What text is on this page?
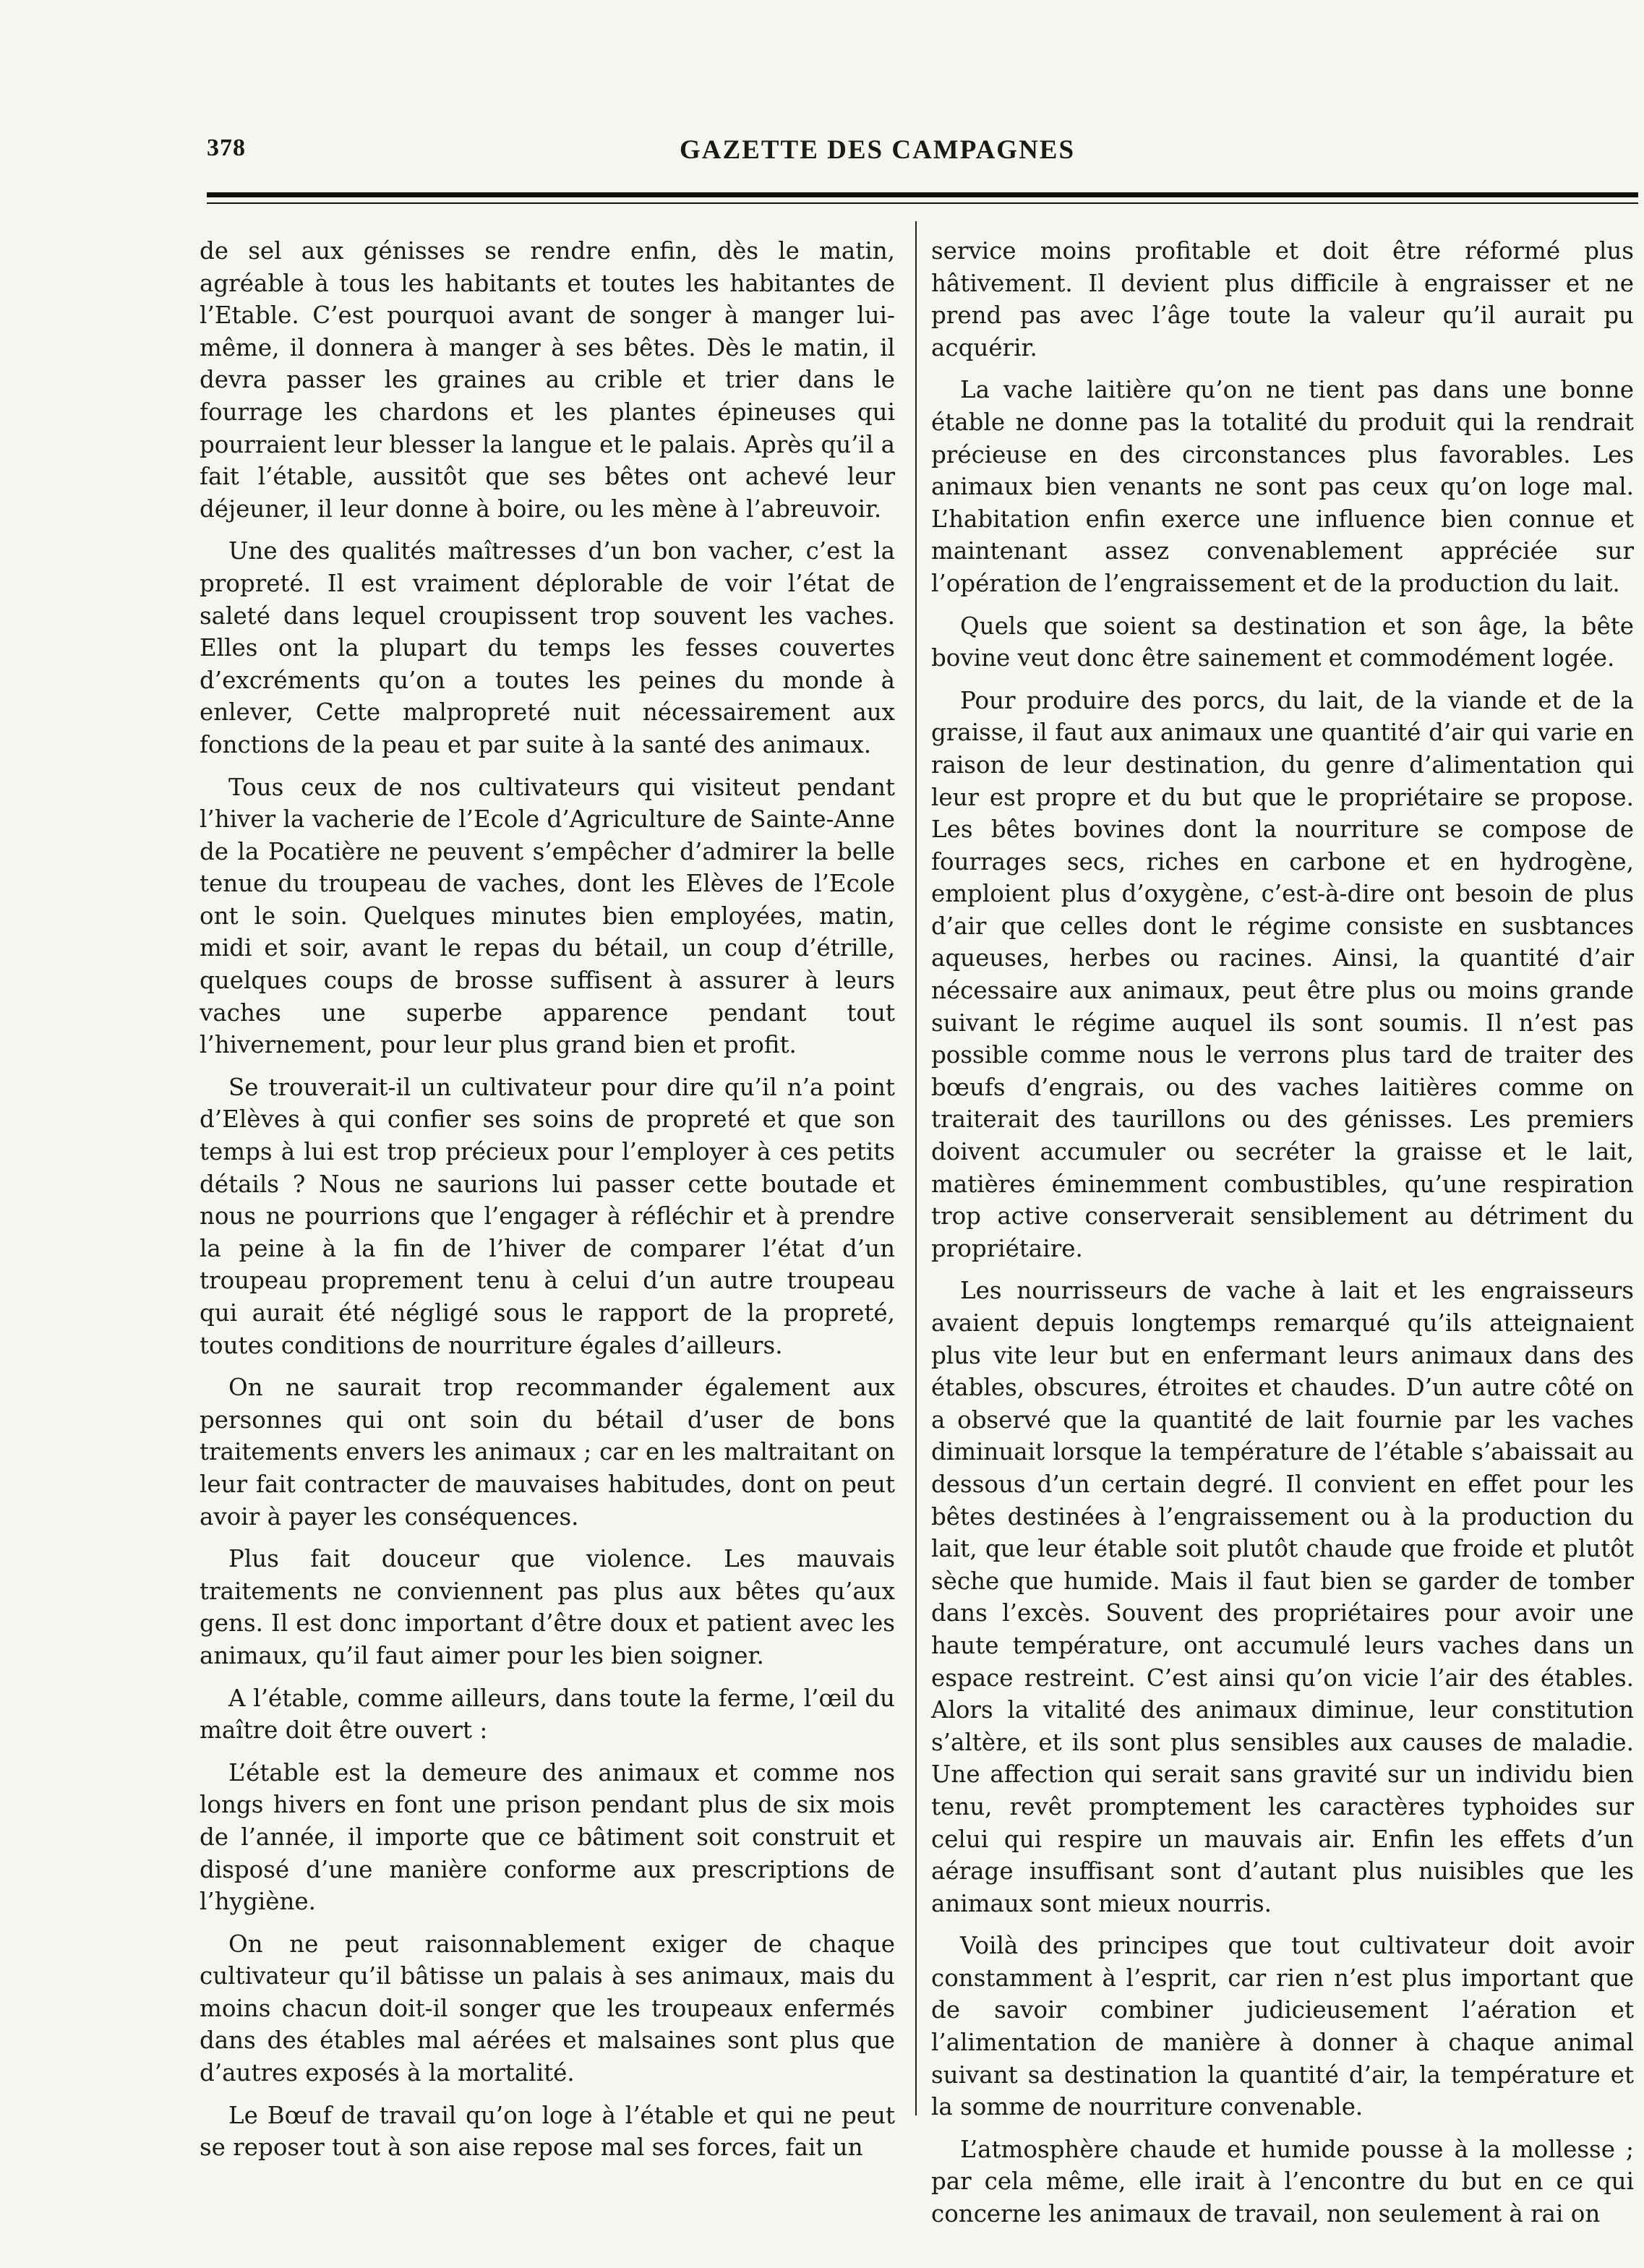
378	GAZETTE DES CAMPAGNES

de sel aux génisses se rendre enfin, dès le matin, agréable à tous les habitants et toutes les habitantes de l’Etable. C’est pourquoi avant de songer à manger lui-même, il donnera à manger à ses bêtes. Dès le matin, il devra passer les graines au crible et trier dans le fourrage les chardons et les plantes épineuses qui pourraient leur blesser la langue et le palais. Après qu’il a fait l’étable, aussitôt que ses bêtes ont achevé leur déjeuner, il leur donne à boire, ou les mène à l’abreuvoir.

Une des qualités maîtresses d’un bon vacher, c’est la propreté. Il est vraiment déplorable de voir l’état de saleté dans lequel croupissent trop souvent les vaches. Elles ont la plupart du temps les fesses couvertes d’excréments qu’on a toutes les peines du monde à enlever, Cette malpropreté nuit nécessairement aux fonctions de la peau et par suite à la santé des animaux.

Tous ceux de nos cultivateurs qui visiteut pendant l’hiver la vacherie de l’Ecole d’Agriculture de Sainte-Anne de la Pocatière ne peuvent s’empêcher d’admirer la belle tenue du troupeau de vaches, dont les Elèves de l’Ecole ont le soin. Quelques minutes bien employées, matin, midi et soir, avant le repas du bétail, un coup d’étrille, quelques coups de brosse suffisent à assurer à leurs vaches une superbe apparence pendant tout l’hivernement, pour leur plus grand bien et profit.

Se trouverait-il un cultivateur pour dire qu’il n’a point d’Elèves à qui confier ses soins de propreté et que son temps à lui est trop précieux pour l’employer à ces petits détails ? Nous ne saurions lui passer cette boutade et nous ne pourrions que l’engager à réfléchir et à prendre la peine à la fin de l’hiver de comparer l’état d’un troupeau proprement tenu à celui d’un autre troupeau qui aurait été négligé sous le rapport de la propreté, toutes conditions de nourriture égales d’ailleurs.

On ne saurait trop recommander également aux personnes qui ont soin du bétail d’user de bons traitements envers les animaux ; car en les maltraitant on leur fait contracter de mauvaises habitudes, dont on peut avoir à payer les conséquences.

Plus fait douceur que violence. Les mauvais traitements ne conviennent pas plus aux bêtes qu’aux gens. Il est donc important d’être doux et patient avec les animaux, qu’il faut aimer pour les bien soigner.

A l’étable, comme ailleurs, dans toute la ferme, l’œil du maître doit être ouvert :

L’étable est la demeure des animaux et comme nos longs hivers en font une prison pendant plus de six mois de l’année, il importe que ce bâtiment soit construit et disposé d’une manière conforme aux prescriptions de l’hygiène.

On ne peut raisonnablement exiger de chaque cultivateur qu’il bâtisse un palais à ses animaux, mais du moins chacun doit-il songer que les troupeaux enfermés dans des étables mal aérées et malsaines sont plus que d’autres exposés à la mortalité.

Le Bœuf de travail qu’on loge à l’étable et qui ne peut se reposer tout à son aise repose mal ses forces, fait un

service moins profitable et doit être réformé plus hâtivement. Il devient plus difficile à engraisser et ne prend pas avec l’âge toute la valeur qu’il aurait pu acquérir.

La vache laitière qu’on ne tient pas dans une bonne étable ne donne pas la totalité du produit qui la rendrait précieuse en des circonstances plus favorables. Les animaux bien venants ne sont pas ceux qu’on loge mal. L’habitation enfin exerce une influence bien connue et maintenant assez convenablement appréciée sur l’opération de l’engraissement et de la production du lait.

Quels que soient sa destination et son âge, la bête bovine veut donc être sainement et commodément logée.

Pour produire des porcs, du lait, de la viande et de la graisse, il faut aux animaux une quantité d’air qui varie en raison de leur destination, du genre d’alimentation qui leur est propre et du but que le propriétaire se propose. Les bêtes bovines dont la nourriture se compose de fourrages secs, riches en carbone et en hydrogène, emploient plus d’oxygène, c’est-à-dire ont besoin de plus d’air que celles dont le régime consiste en susbtances aqueuses, herbes ou racines. Ainsi, la quantité d’air nécessaire aux animaux, peut être plus ou moins grande suivant le régime auquel ils sont soumis. Il n’est pas possible comme nous le verrons plus tard de traiter des bœufs d’engrais, ou des vaches laitières comme on traiterait des taurillons ou des génisses. Les premiers doivent accumuler ou secréter la graisse et le lait, matières éminemment combustibles, qu’une respiration trop active conserverait sensiblement au détriment du propriétaire.

Les nourrisseurs de vache à lait et les engraisseurs avaient depuis longtemps remarqué qu’ils atteignaient plus vite leur but en enfermant leurs animaux dans des étables, obscures, étroites et chaudes. D’un autre côté on a observé que la quantité de lait fournie par les vaches diminuait lorsque la température de l’étable s’abaissait au dessous d’un certain degré. Il convient en effet pour les bêtes destinées à l’engraissement ou à la production du lait, que leur étable soit plutôt chaude que froide et plutôt sèche que humide. Mais il faut bien se garder de tomber dans l’excès. Souvent des propriétaires pour avoir une haute température, ont accumulé leurs vaches dans un espace restreint. C’est ainsi qu’on vicie l’air des étables. Alors la vitalité des animaux diminue, leur constitution s’altère, et ils sont plus sensibles aux causes de maladie. Une affection qui serait sans gravité sur un individu bien tenu, revêt promptement les caractères typhoides sur celui qui respire un mauvais air. Enfin les effets d’un aérage insuffisant sont d’autant plus nuisibles que les animaux sont mieux nourris.

Voilà des principes que tout cultivateur doit avoir constamment à l’esprit, car rien n’est plus important que de savoir combiner judicieusement l’aération et l’alimentation de manière à donner à chaque animal suivant sa destination la quantité d’air, la température et la somme de nourriture convenable.

L’atmosphère chaude et humide pousse à la mollesse ; par cela même, elle irait à l’encontre du but en ce qui concerne les animaux de travail, non seulement à rai on
